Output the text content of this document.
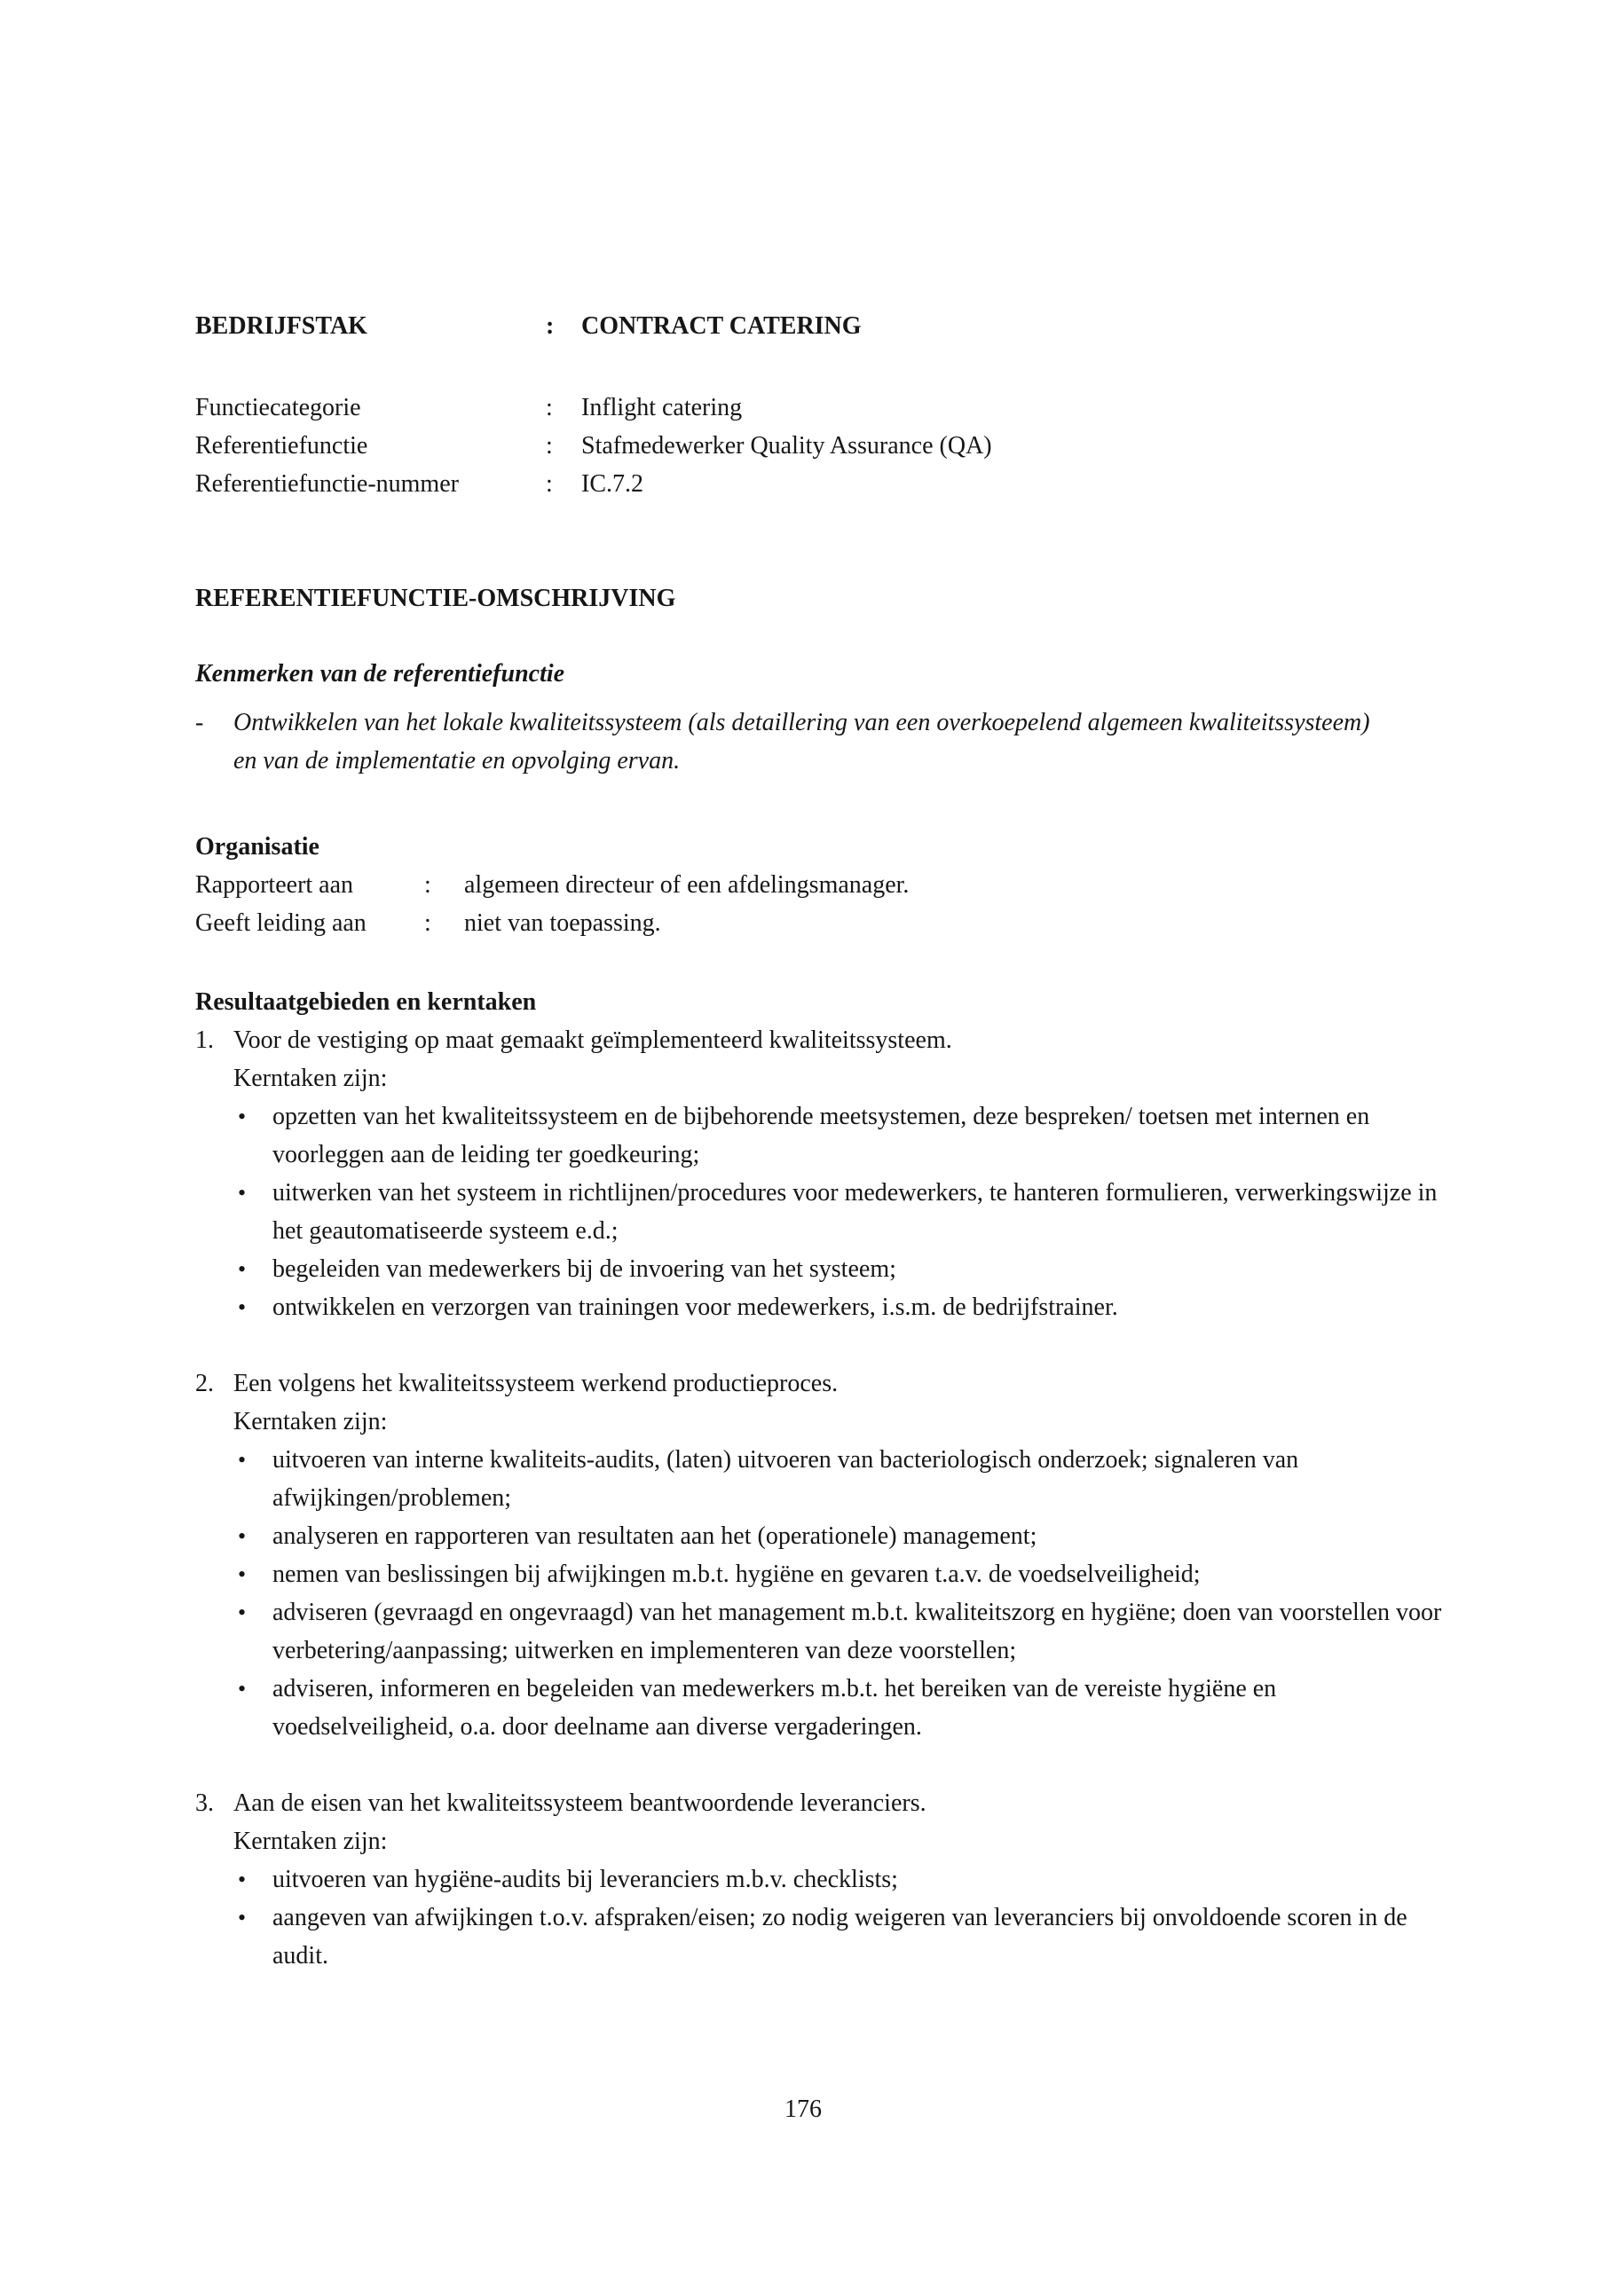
BEDRIJFSTAK	:	CONTRACT CATERING
Functiecategorie	:	Inflight catering
Referentiefunctie	:	Stafmedewerker Quality Assurance (QA)
Referentiefunctie-nummer	:	IC.7.2
REFERENTIEFUNCTIE-OMSCHRIJVING
Kenmerken van de referentiefunctie
-	Ontwikkelen van het lokale kwaliteitssysteem (als detaillering van een overkoepelend algemeen kwaliteitssysteem) en van de implementatie en opvolging ervan.
Organisatie
Rapporteert aan	:	algemeen directeur of een afdelingsmanager.
Geeft leiding aan	:	niet van toepassing.
Resultaatgebieden en kerntaken
1. Voor de vestiging op maat gemaakt geïmplementeerd kwaliteitssysteem.
Kerntaken zijn:
•	opzetten van het kwaliteitssysteem en de bijbehorende meetsystemen, deze bespreken/ toetsen met internen en voorleggen aan de leiding ter goedkeuring;
•	uitwerken van het systeem in richtlijnen/procedures voor medewerkers, te hanteren formulieren, verwerkingswijze in het geautomatiseerde systeem e.d.;
•	begeleiden van medewerkers bij de invoering van het systeem;
•	ontwikkelen en verzorgen van trainingen voor medewerkers, i.s.m. de bedrijfstrainer.
2. Een volgens het kwaliteitssysteem werkend productieproces.
Kerntaken zijn:
•	uitvoeren van interne kwaliteits-audits, (laten) uitvoeren van bacteriologisch onderzoek; signaleren van afwijkingen/problemen;
•	analyseren en rapporteren van resultaten aan het (operationele) management;
•	nemen van beslissingen bij afwijkingen m.b.t. hygiëne en gevaren t.a.v. de voedselveiligheid;
•	adviseren (gevraagd en ongevraagd) van het management m.b.t. kwaliteitszorg en hygiëne; doen van voorstellen voor verbetering/aanpassing; uitwerken en implementeren van deze voorstellen;
•	adviseren, informeren en begeleiden van medewerkers m.b.t. het bereiken van de vereiste hygiëne en voedselveiligheid, o.a. door deelname aan diverse vergaderingen.
3. Aan de eisen van het kwaliteitssysteem beantwoordende leveranciers.
Kerntaken zijn:
•	uitvoeren van hygiëne-audits bij leveranciers m.b.v. checklists;
•	aangeven van afwijkingen t.o.v. afspraken/eisen; zo nodig weigeren van leveranciers bij onvoldoende scoren in de audit.
176
